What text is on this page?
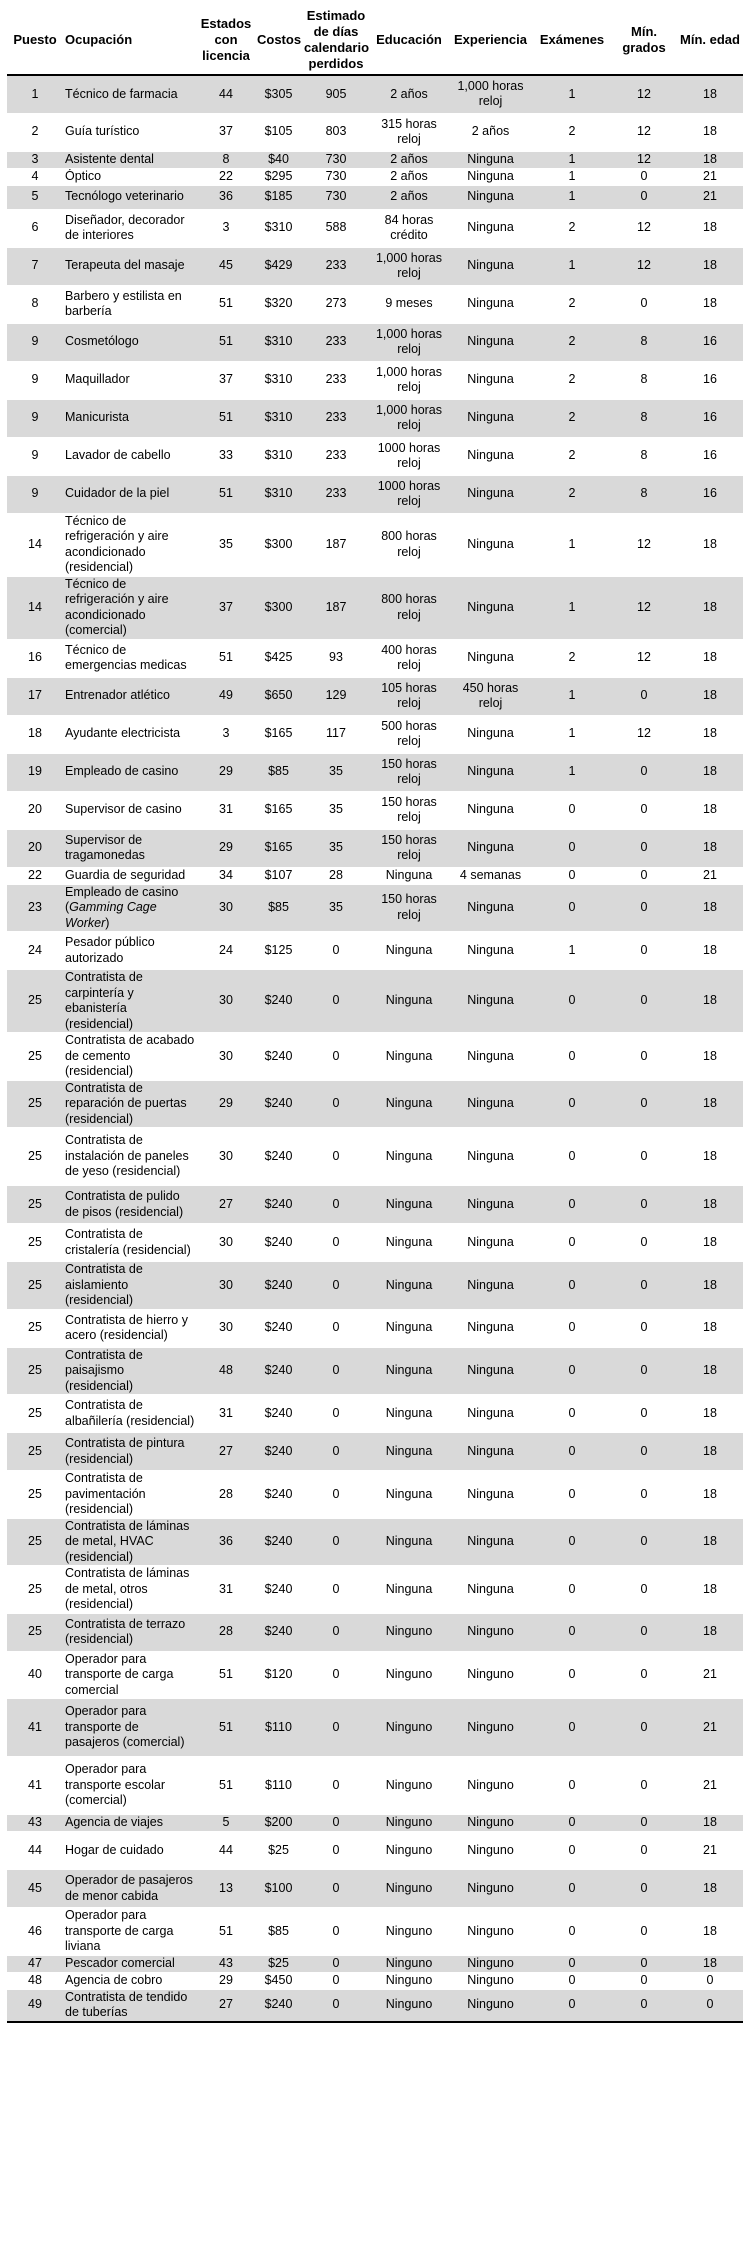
Puesto	Ocupación	Estados con licencia	Costos	Estimado de días calendario perdidos	Educación	Experiencia	Exámenes	Mín. grados	Mín. edad
1	Técnico de farmacia	44	$305	905	2 años	1,000 horas reloj	1	12	18
2	Guía turístico	37	$105	803	315 horas reloj	2 años	2	12	18
3	Asistente dental	8	$40	730	2 años	Ninguna	1	12	18
4	Óptico	22	$295	730	2 años	Ninguna	1	0	21
5	Tecnólogo veterinario	36	$185	730	2 años	Ninguna	1	0	21
6	Diseñador, decorador de interiores	3	$310	588	84 horas crédito	Ninguna	2	12	18
7	Terapeuta del masaje	45	$429	233	1,000 horas reloj	Ninguna	1	12	18
8	Barbero y estilista en barbería	51	$320	273	9 meses	Ninguna	2	0	18
9	Cosmetólogo	51	$310	233	1,000 horas reloj	Ninguna	2	8	16
9	Maquillador	37	$310	233	1,000 horas reloj	Ninguna	2	8	16
9	Manicurista	51	$310	233	1,000 horas reloj	Ninguna	2	8	16
9	Lavador de cabello	33	$310	233	1000 horas reloj	Ninguna	2	8	16
9	Cuidador de la piel	51	$310	233	1000 horas reloj	Ninguna	2	8	16
14	Técnico de refrigeración y aire acondicionado (residencial)	35	$300	187	800 horas reloj	Ninguna	1	12	18
14	Técnico de refrigeración y aire acondicionado (comercial)	37	$300	187	800 horas reloj	Ninguna	1	12	18
16	Técnico de emergencias medicas	51	$425	93	400 horas reloj	Ninguna	2	12	18
17	Entrenador atlético	49	$650	129	105 horas reloj	450 horas reloj	1	0	18
18	Ayudante electricista	3	$165	117	500 horas reloj	Ninguna	1	12	18
19	Empleado de casino	29	$85	35	150 horas reloj	Ninguna	1	0	18
20	Supervisor de casino	31	$165	35	150 horas reloj	Ninguna	0	0	18
20	Supervisor de tragamonedas	29	$165	35	150 horas reloj	Ninguna	0	0	18
22	Guardia de seguridad	34	$107	28	Ninguna	4 semanas	0	0	21
23	Empleado de casino (Gamming Cage Worker)	30	$85	35	150 horas reloj	Ninguna	0	0	18
24	Pesador público autorizado	24	$125	0	Ninguna	Ninguna	1	0	18
25	Contratista de carpintería y ebanistería (residencial)	30	$240	0	Ninguna	Ninguna	0	0	18
25	Contratista de acabado de cemento (residencial)	30	$240	0	Ninguna	Ninguna	0	0	18
25	Contratista de reparación de puertas (residencial)	29	$240	0	Ninguna	Ninguna	0	0	18
25	Contratista de instalación de paneles de yeso (residencial)	30	$240	0	Ninguna	Ninguna	0	0	18
25	Contratista de pulido de pisos (residencial)	27	$240	0	Ninguna	Ninguna	0	0	18
25	Contratista de cristalería (residencial)	30	$240	0	Ninguna	Ninguna	0	0	18
25	Contratista de aislamiento (residencial)	30	$240	0	Ninguna	Ninguna	0	0	18
25	Contratista de hierro y acero (residencial)	30	$240	0	Ninguna	Ninguna	0	0	18
25	Contratista de paisajismo (residencial)	48	$240	0	Ninguna	Ninguna	0	0	18
25	Contratista de albañilería (residencial)	31	$240	0	Ninguna	Ninguna	0	0	18
25	Contratista de pintura (residencial)	27	$240	0	Ninguna	Ninguna	0	0	18
25	Contratista de pavimentación (residencial)	28	$240	0	Ninguna	Ninguna	0	0	18
25	Contratista de láminas de metal, HVAC (residencial)	36	$240	0	Ninguna	Ninguna	0	0	18
25	Contratista de láminas de metal, otros (residencial)	31	$240	0	Ninguna	Ninguna	0	0	18
25	Contratista de terrazo (residencial)	28	$240	0	Ninguno	Ninguno	0	0	18
40	Operador para transporte de carga comercial	51	$120	0	Ninguno	Ninguno	0	0	21
41	Operador para transporte de pasajeros (comercial)	51	$110	0	Ninguno	Ninguno	0	0	21
41	Operador para transporte escolar (comercial)	51	$110	0	Ninguno	Ninguno	0	0	21
43	Agencia de viajes	5	$200	0	Ninguno	Ninguno	0	0	18
44	Hogar de cuidado	44	$25	0	Ninguno	Ninguno	0	0	21
45	Operador de pasajeros de menor cabida	13	$100	0	Ninguno	Ninguno	0	0	18
46	Operador para transporte de carga liviana	51	$85	0	Ninguno	Ninguno	0	0	18
47	Pescador comercial	43	$25	0	Ninguno	Ninguno	0	0	18
48	Agencia de cobro	29	$450	0	Ninguno	Ninguno	0	0	0
49	Contratista de tendido de tuberías	27	$240	0	Ninguno	Ninguno	0	0	0
